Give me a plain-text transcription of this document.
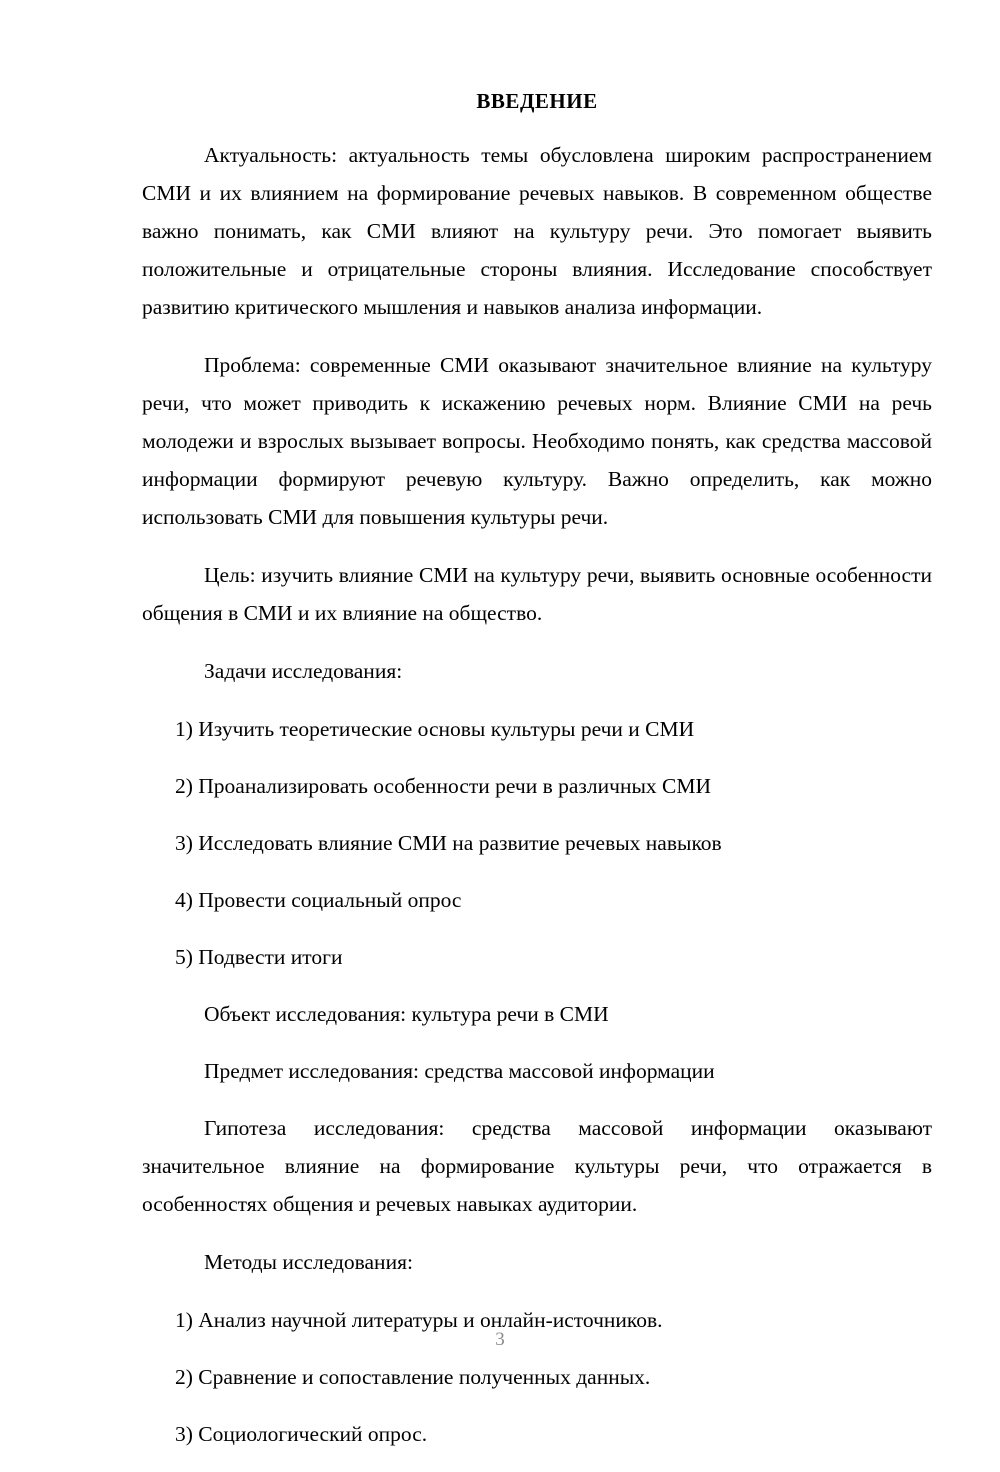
ВВЕДЕНИЕ

Актуальность: актуальность темы обусловлена широким распространением СМИ и их влиянием на формирование речевых навыков. В современном обществе важно понимать, как СМИ влияют на культуру речи. Это помогает выявить положительные и отрицательные стороны влияния. Исследование способствует развитию критического мышления и навыков анализа информации.

Проблема: современные СМИ оказывают значительное влияние на культуру речи, что может приводить к искажению речевых норм. Влияние СМИ на речь молодежи и взрослых вызывает вопросы. Необходимо понять, как средства массовой информации формируют речевую культуру. Важно определить, как можно использовать СМИ для повышения культуры речи.

Цель: изучить влияние СМИ на культуру речи, выявить основные особенности общения в СМИ и их влияние на общество.

Задачи исследования:

1) Изучить теоретические основы культуры речи и СМИ

2) Проанализировать особенности речи в различных СМИ

3) Исследовать влияние СМИ на развитие речевых навыков

4) Провести социальный опрос

5) Подвести итоги

Объект исследования: культура речи в СМИ

Предмет исследования: средства массовой информации

Гипотеза исследования: средства массовой информации оказывают значительное влияние на формирование культуры речи, что отражается в особенностях общения и речевых навыках аудитории.

Методы исследования:

1) Анализ научной литературы и онлайн-источников.

2) Сравнение и сопоставление полученных данных.

3) Социологический опрос.

3
